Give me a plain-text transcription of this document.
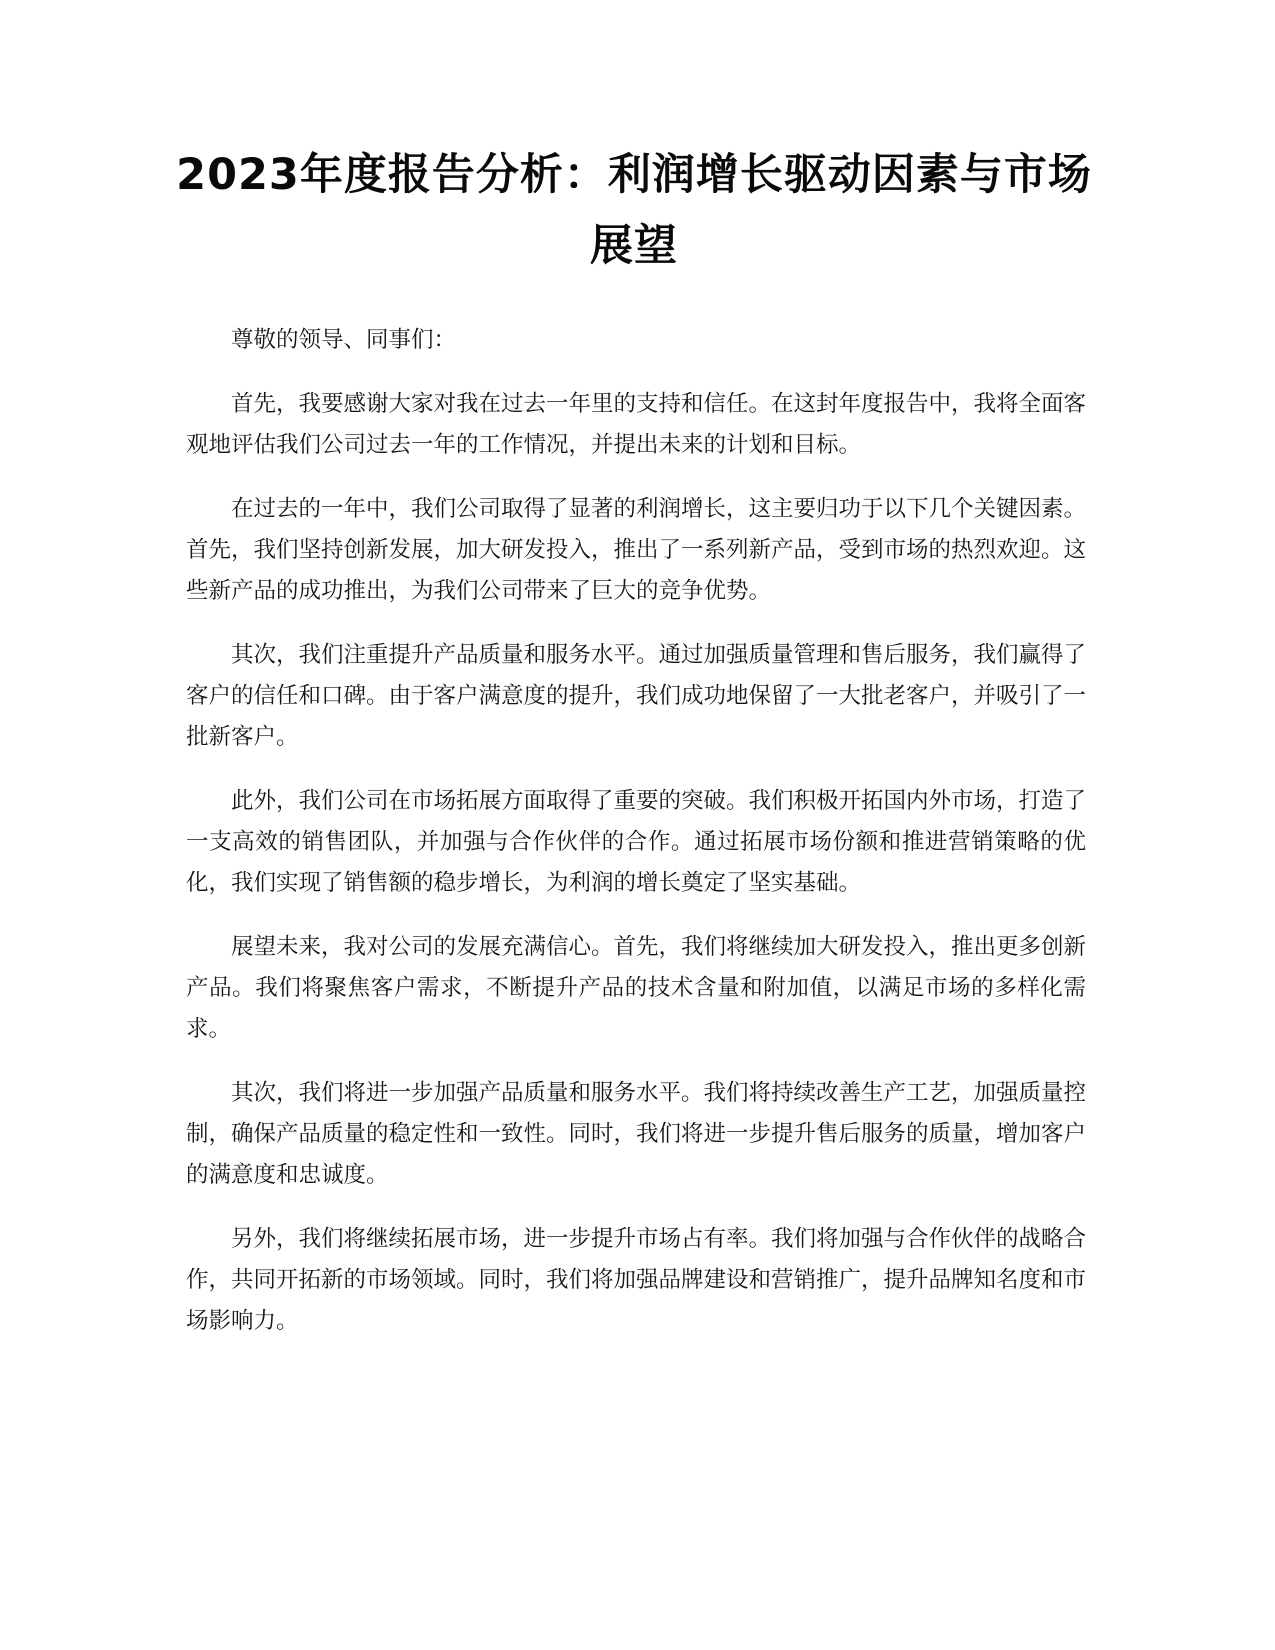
2023年度报告分析：利润增长驱动因素与市场展望

尊敬的领导、同事们：

首先，我要感谢大家对我在过去一年里的支持和信任。在这封年度报告中，我将全面客观地评估我们公司过去一年的工作情况，并提出未来的计划和目标。

在过去的一年中，我们公司取得了显著的利润增长，这主要归功于以下几个关键因素。首先，我们坚持创新发展，加大研发投入，推出了一系列新产品，受到市场的热烈欢迎。这些新产品的成功推出，为我们公司带来了巨大的竞争优势。

其次，我们注重提升产品质量和服务水平。通过加强质量管理和售后服务，我们赢得了客户的信任和口碑。由于客户满意度的提升，我们成功地保留了一大批老客户，并吸引了一批新客户。

此外，我们公司在市场拓展方面取得了重要的突破。我们积极开拓国内外市场，打造了一支高效的销售团队，并加强与合作伙伴的合作。通过拓展市场份额和推进营销策略的优化，我们实现了销售额的稳步增长，为利润的增长奠定了坚实基础。

展望未来，我对公司的发展充满信心。首先，我们将继续加大研发投入，推出更多创新产品。我们将聚焦客户需求，不断提升产品的技术含量和附加值，以满足市场的多样化需求。

其次，我们将进一步加强产品质量和服务水平。我们将持续改善生产工艺，加强质量控制，确保产品质量的稳定性和一致性。同时，我们将进一步提升售后服务的质量，增加客户的满意度和忠诚度。

另外，我们将继续拓展市场，进一步提升市场占有率。我们将加强与合作伙伴的战略合作，共同开拓新的市场领域。同时，我们将加强品牌建设和营销推广，提升品牌知名度和市场影响力。
